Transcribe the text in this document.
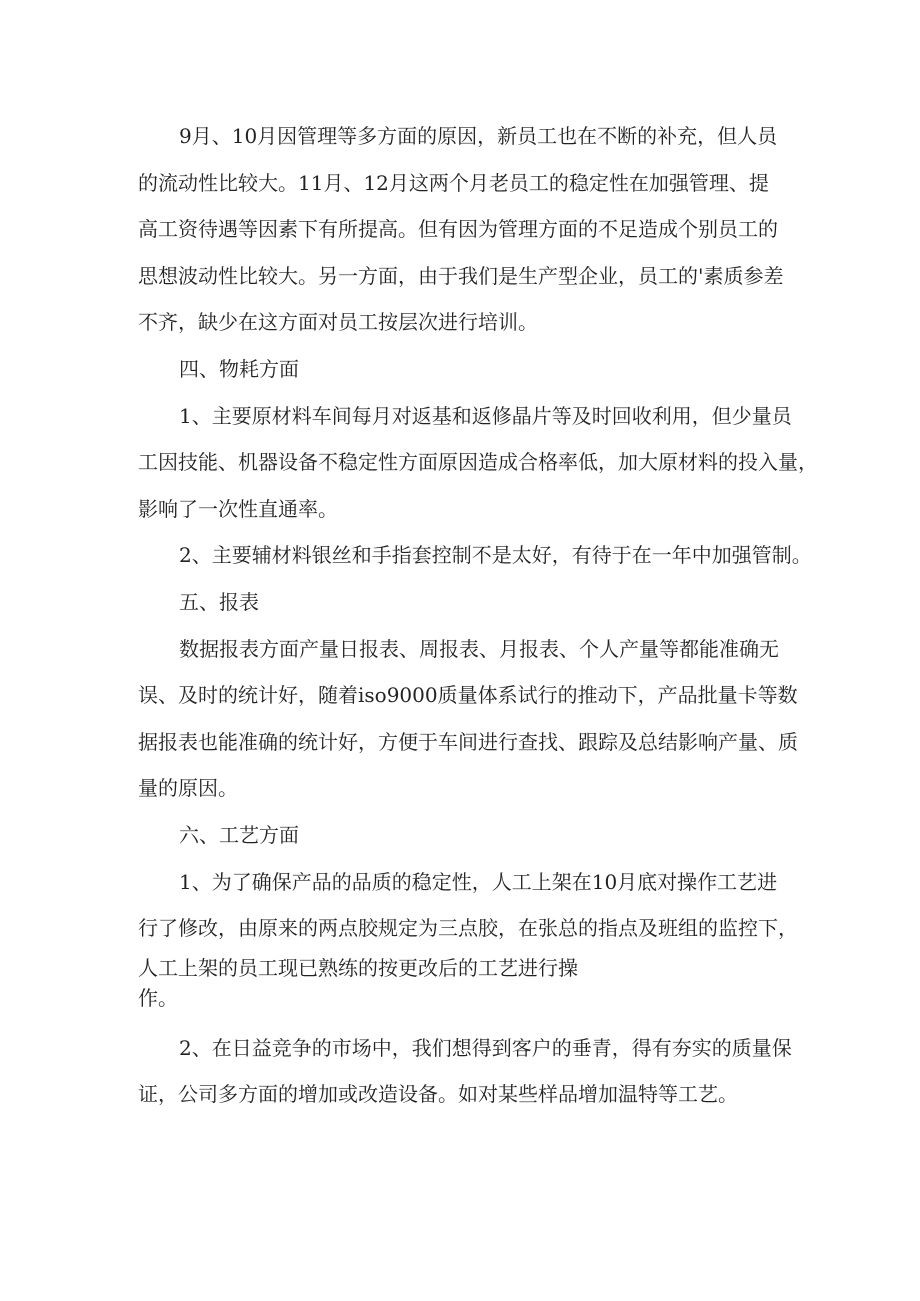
9月、10月因管理等多方面的原因，新员工也在不断的补充，但人员
的流动性比较大。11月、12月这两个月老员工的稳定性在加强管理、提
高工资待遇等因素下有所提高。但有因为管理方面的不足造成个别员工的
思想波动性比较大。另一方面，由于我们是生产型企业，员工的'素质参差
不齐，缺少在这方面对员工按层次进行培训。
四、物耗方面
1、主要原材料车间每月对返基和返修晶片等及时回收利用，但少量员
工因技能、机器设备不稳定性方面原因造成合格率低，加大原材料的投入量，
影响了一次性直通率。
2、主要辅材料银丝和手指套控制不是太好，有待于在一年中加强管制。
五、报表
数据报表方面产量日报表、周报表、月报表、个人产量等都能准确无
误、及时的统计好，随着iso9000质量体系试行的推动下，产品批量卡等数
据报表也能准确的统计好，方便于车间进行查找、跟踪及总结影响产量、质
量的原因。
六、工艺方面
1、为了确保产品的品质的稳定性，人工上架在10月底对操作工艺进
行了修改，由原来的两点胶规定为三点胶，在张总的指点及班组的监控下，
人工上架的员工现已熟练的按更改后的工艺进行操
作。
2、在日益竞争的市场中，我们想得到客户的垂青，得有夯实的质量保
证，公司多方面的增加或改造设备。如对某些样品增加温特等工艺。
